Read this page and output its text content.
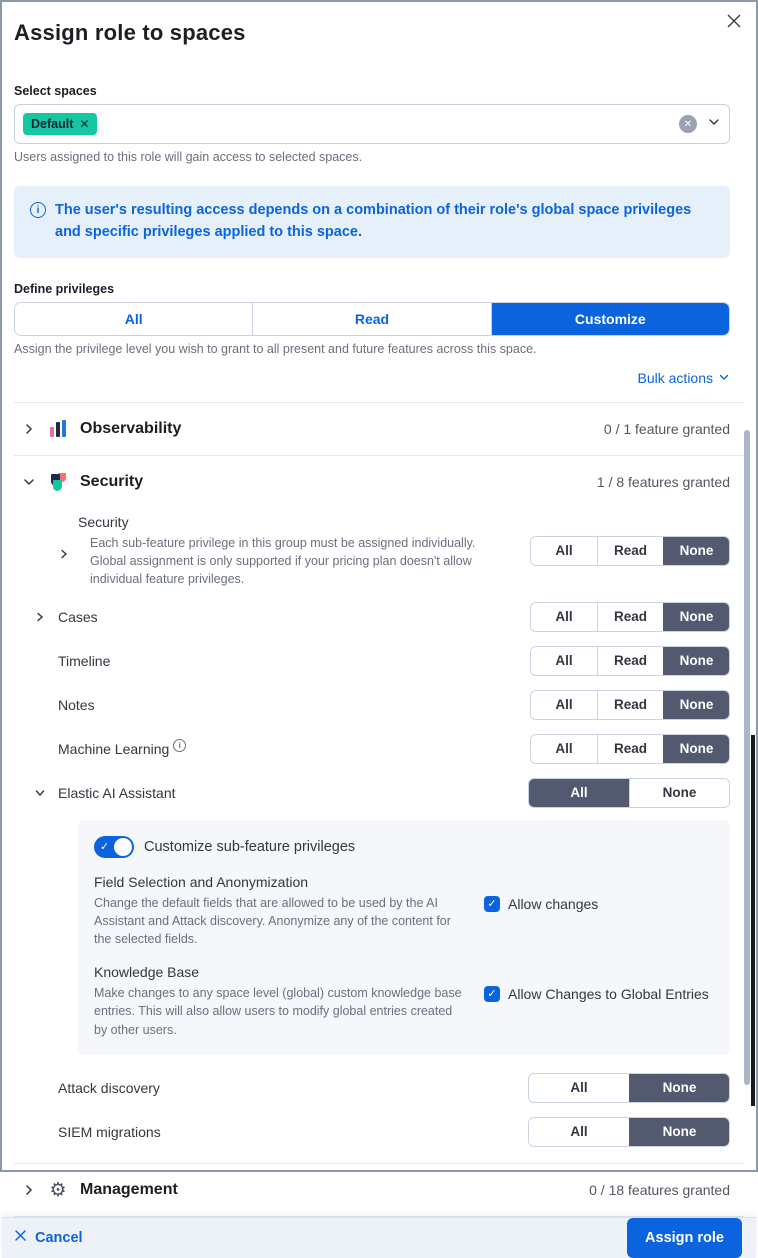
Assign role to spaces
Select spaces
Default ✕	✕
Users assigned to this role will gain access to selected spaces.
i	The user's resulting access depends on a combination of their role's global space privileges and specific privileges applied to this space.
Define privileges
All	Read	Customize
Assign the privilege level you wish to grant to all present and future features across this space.
Bulk actions
Observability	0 / 1 feature granted
Security	1 / 8 features granted
Security
Each sub-feature privilege in this group must be assigned individually. Global assignment is only supported if your pricing plan doesn't allow individual feature privileges.
All	Read	None
Cases	All	Read	None
Timeline	All	Read	None
Notes	All	Read	None
Machine Learning	i	All	Read	None
Elastic AI Assistant	All	None
✓ Customize sub-feature privileges
Field Selection and Anonymization
Change the default fields that are allowed to be used by the AI Assistant and Attack discovery. Anonymize any of the content for the selected fields.
✓ Allow changes
Knowledge Base
Make changes to any space level (global) custom knowledge base entries. This will also allow users to modify global entries created by other users.
✓ Allow Changes to Global Entries
Attack discovery	All	None
SIEM migrations	All	None
⚙ Management	0 / 18 features granted
Cancel	Assign role
